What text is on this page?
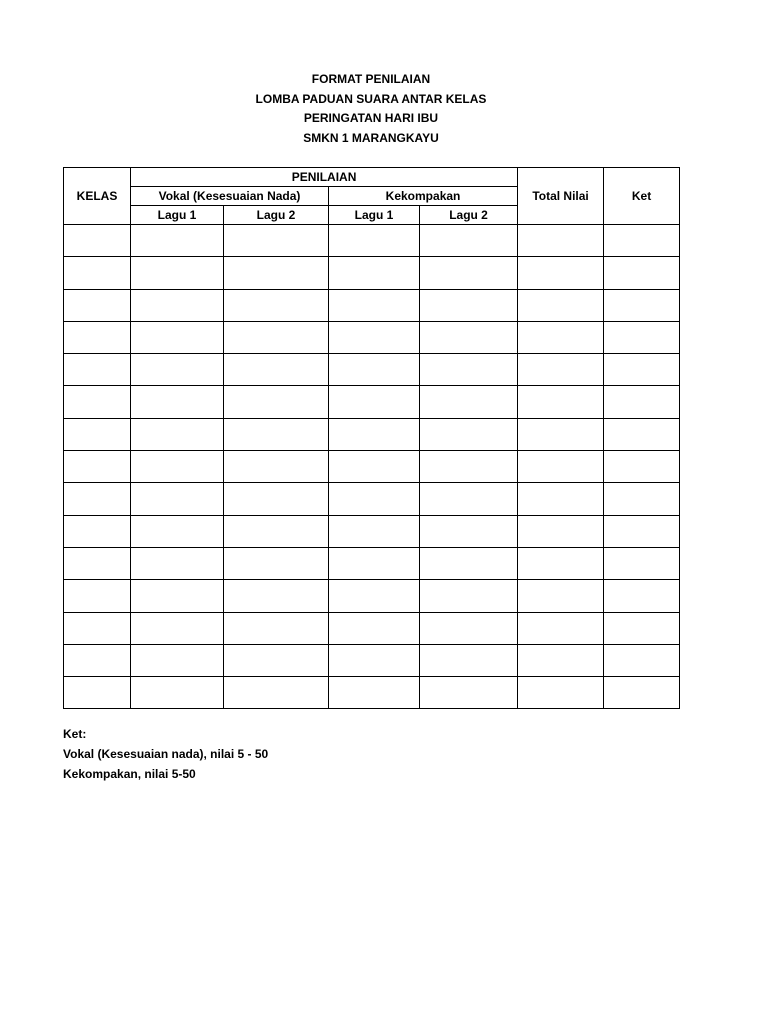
FORMAT PENILAIAN
LOMBA PADUAN SUARA ANTAR KELAS
PERINGATAN HARI IBU
SMKN 1 MARANGKAYU
KELAS	PENILAIAN				Total Nilai	Ket
	Vokal (Kesesuaian Nada)		Kekompakan			
	Lagu 1	Lagu 2	Lagu 1	Lagu 2		

Ket:
Vokal (Kesesuaian nada), nilai 5 - 50
Kekompakan, nilai 5-50
